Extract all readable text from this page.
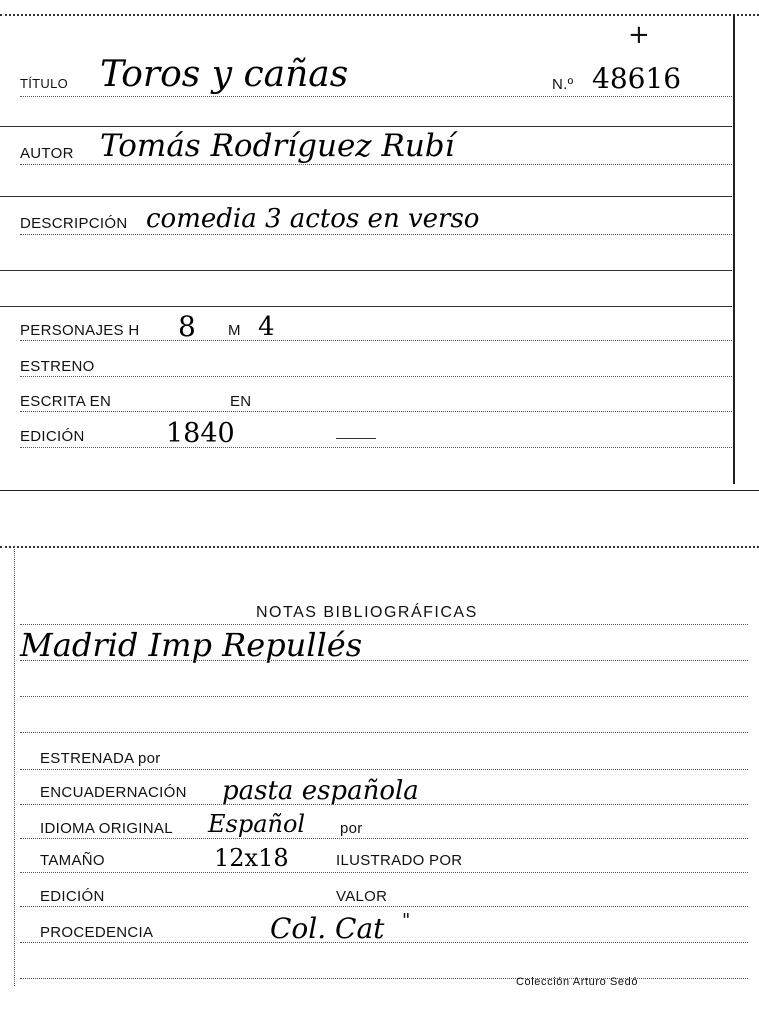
+
TÍTULO Toros y cañas	N.º 48616
AUTOR Tomás Rodríguez Rubí
DESCRIPCIÓN comedia 3 actos en verso
PERSONAJES H 8 M 4
ESTRENO
ESCRITA EN	EN
EDICIÓN	1840
NOTAS BIBLIOGRÁFICAS
Madrid Imp Repullés
ESTRENADA por
ENCUADERNACIÓN pasta española
IDIOMA ORIGINAL Español por
TAMAÑO	12x18	ILUSTRADO POR
EDICIÓN	VALOR
PROCEDENCIA	Col. Cat "
Colección Arturo Sedó
